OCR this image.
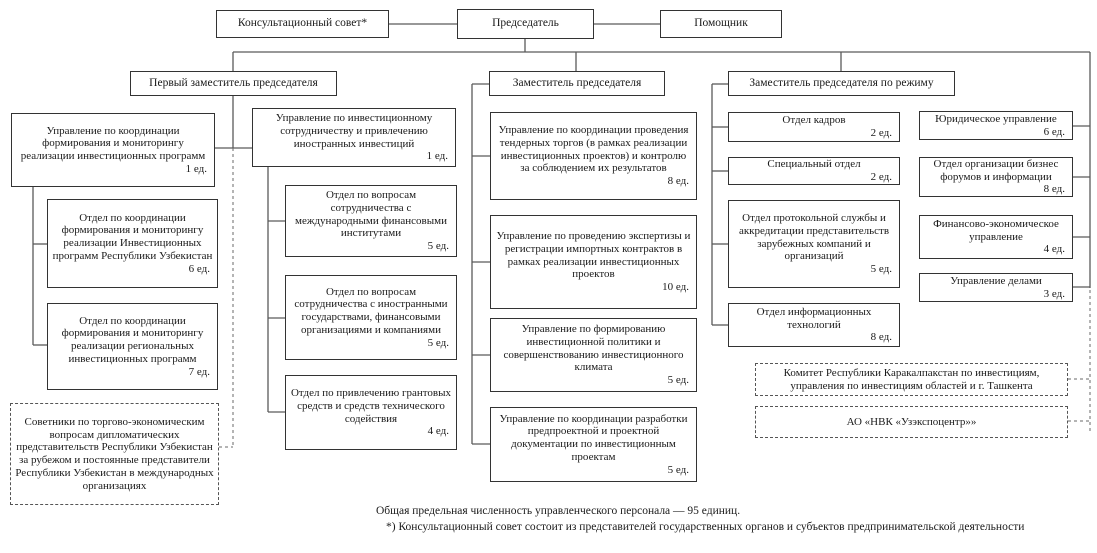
Консультационный совет*	Председатель	Помощник
Первый заместитель председателя	Заместитель председателя	Заместитель председателя по режиму
Управление по координации формирования и мониторингу реализации инвестиционных программ
1 ед.
Отдел по координации формирования и мониторингу реализации Инвестиционных программ Республики Узбекистан
6 ед.
Отдел по координации формирования и мониторингу реализации региональных инвестиционных программ
7 ед.
Советники по торгово-экономическим вопросам дипломатических представительств Республики Узбекистан за рубежом и постоянные представители Республики Узбекистан в международных организациях
Управление по инвестиционному сотрудничеству и привлечению иностранных инвестиций
1 ед.
Отдел по вопросам сотрудничества с международными финансовыми институтами
5 ед.
Отдел по вопросам сотрудничества с иностранными государствами, финансовыми организациями и компаниями
5 ед.
Отдел по привлечению грантовых средств и средств технического содействия
4 ед.
Управление по координации проведения тендерных торгов (в рамках реализации инвестиционных проектов) и контролю за соблюдением их результатов
8 ед.
Управление по проведению экспертизы и регистрации импортных контрактов в рамках реализации инвестиционных проектов
10 ед.
Управление по формированию инвестиционной политики и совершенствованию инвестиционного климата
5 ед.
Управление по координации разработки предпроектной и проектной документации по инвестиционным проектам
5 ед.
Отдел кадров
2 ед.
Специальный отдел
2 ед.
Отдел протокольной службы и аккредитации представительств зарубежных компаний и организаций
5 ед.
Отдел информационных технологий
8 ед.
Юридическое управление
6 ед.
Отдел организации бизнес форумов и информации
8 ед.
Финансово-экономическое управление
4 ед.
Управление делами
3 ед.
Комитет Республики Каракалпакстан по инвестициям, управления по инвестициям областей и г. Ташкента
АО «НВК «Узэкспоцентр»»
Общая предельная численность управленческого персонала — 95 единиц.
*) Консультационный совет состоит из представителей государственных органов и субъектов предпринимательской деятельности
